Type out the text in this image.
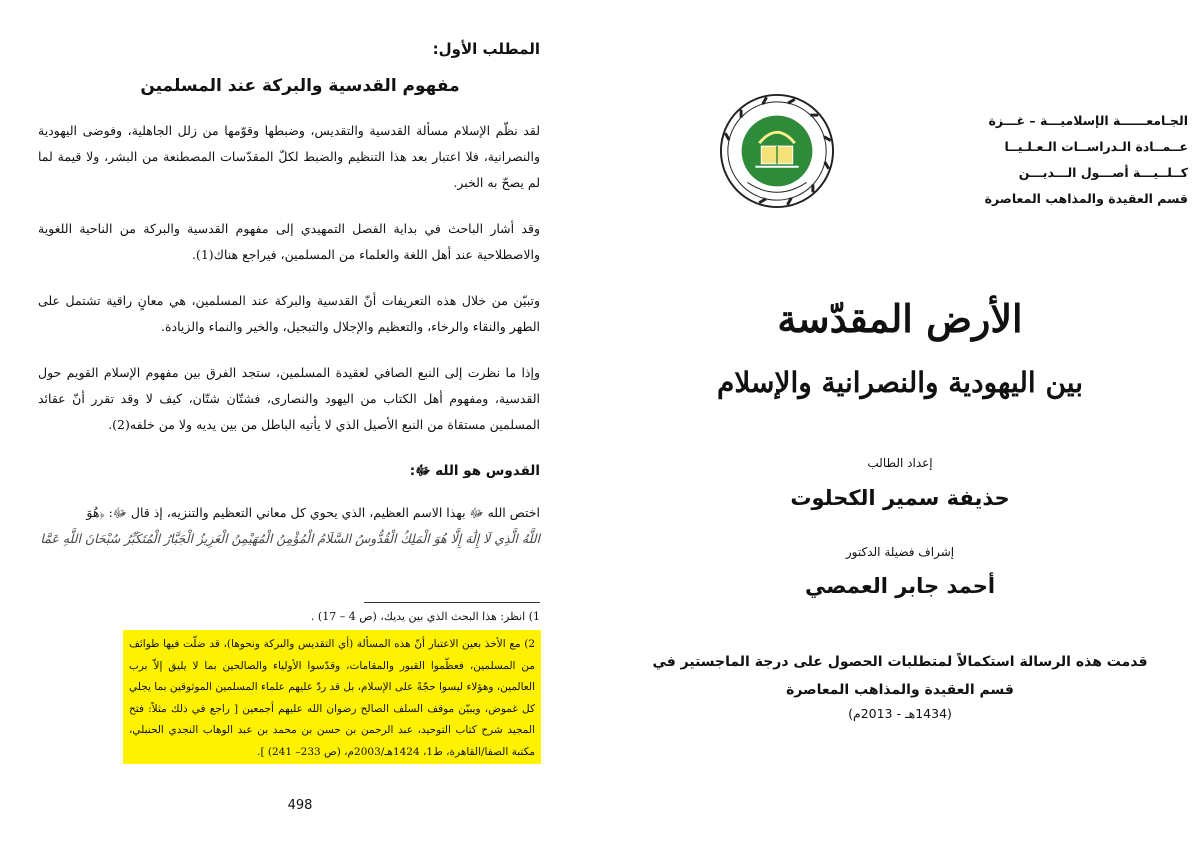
المطلب الأول:
مفهوم القدسية والبركة عند المسلمين

لقد نظّم الإسلام مسألة القدسية والتقديس، وضبطها وقوّمها من زلل الجاهلية، وفوضى اليهودية والنصرانية، فلا اعتبار بعد هذا التنظيم والضبط لكلّ المقدّسات المصطنعة من البشر، ولا قيمة لما لم يصحّ به الخبر.

وقد أشار الباحث في بداية الفصل التمهيدي إلى مفهوم القدسية والبركة من الناحية اللغوية والاصطلاحية عند أهل اللغة والعلماء من المسلمين، فيراجع هناك(1).

وتبيّن من خلال هذه التعريفات أنّ القدسية والبركة عند المسلمين، هي معانٍ راقية تشتمل على الطهر والنقاء والرخاء، والتعظيم والإجلال والتبجيل، والخير والنماء والزيادة.

وإذا ما نظرت إلى النبع الصافي لعقيدة المسلمين، ستجد الفرق بين مفهوم الإسلام القويم حول القدسية، ومفهوم أهل الكتاب من اليهود والنصارى، فشتّان شتّان، كيف لا وقد تقرر أنّ عقائد المسلمين مستقاة من النبع الأصيل الذي لا يأتيه الباطل من بين يديه ولا من خلفه(2).

القدوس هو الله ﷻ:
اختص الله ﷻ بهذا الاسم العظيم، الذي يحوي كل معاني التعظيم والتنزيه، إذ قال ﷻ: ﴿هُوَ
اللَّهُ الَّذِي لَا إِلَٰهَ إِلَّا هُوَ الْمَلِكُ الْقُدُّوسُ السَّلَامُ الْمُؤْمِنُ الْمُهَيْمِنُ الْعَزِيزُ الْجَبَّارُ الْمُتَكَبِّرُ سُبْحَانَ اللَّهِ عَمَّا
1) انظر: هذا البحث الذي بين يديك، (ص 4 – 17) .
2) مع الأخذ بعين الاعتبار أنّ هذه المسألة (أي التقديس والبركة ونحوها)، قد ضلّت فيها طوائف من المسلمين، فعظّموا القبور والمقامات، وقدّسوا الأولياء والصالحين بما لا يليق إلاّ برب العالمين، وهؤلاء ليسوا حجّةً على الإسلام، بل قد ردّ عليهم علماء المسلمين الموثوقين بما يجلي كل غموض، ويبيّن موقف السلف الصالح رضوان الله عليهم أجمعين [ راجع في ذلك مثلاً: فتح المجيد شرح كتاب التوحيد، عبد الرحمن بن حسن بن محمد بن عبد الوهاب النجدي الحنبلي، مكتبة الصفا/القاهرة، ط1، 1424هـ/2003م، (ص 233– 241) ].
498
الجـامعــــــة الإسلاميـــة – غـــزة
عــمــادة الـدراســات الـعـلـيــا
كــلــيـــة أصـــول الـــديـــن
قسم العقيدة والمذاهب المعاصرة
الأرض المقدّسة
بين اليهودية والنصرانية والإسلام
إعداد الطالب
حذيفة سمير الكحلوت
إشراف فضيلة الدكتور
أحمد جابر العمصي
قدمت هذه الرسالة استكمالاً لمتطلبات الحصول على درجة الماجستير في
قسم العقيدة والمذاهب المعاصرة
(1434هـ - 2013م)
